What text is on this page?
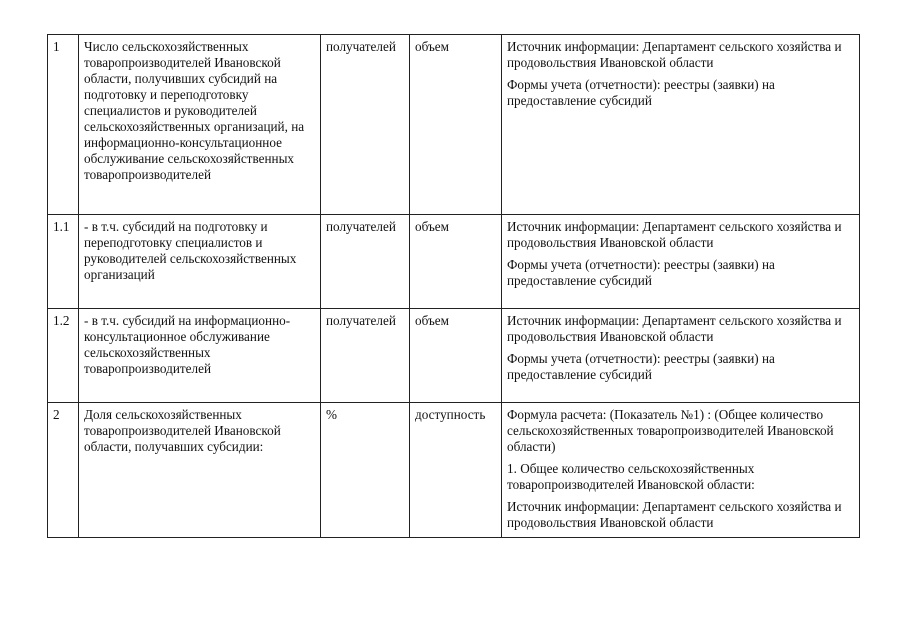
1	Число сельскохозяйственных товаропроизводителей Ивановской области, получивших субсидий на подготовку и переподготовку специалистов и руководителей сельскохозяйственных организаций, на информационно-консультационное обслуживание сельскохозяйственных товаропроизводителей	получателей	объем	Источник информации: Департамент сельского хозяйства и продовольствия Ивановской области

Формы учета (отчетности): реестры (заявки) на предоставление субсидий

1.1	- в т.ч. субсидий на подготовку и переподготовку специалистов и руководителей сельскохозяйственных организаций	получателей	объем	Источник информации: Департамент сельского хозяйства и продовольствия Ивановской области

Формы учета (отчетности): реестры (заявки) на предоставление субсидий

1.2	- в т.ч. субсидий на информационно-консультационное обслуживание сельскохозяйственных товаропроизводителей	получателей	объем	Источник информации: Департамент сельского хозяйства и продовольствия Ивановской области

Формы учета (отчетности): реестры (заявки) на предоставление субсидий

2	Доля сельскохозяйственных товаропроизводителей Ивановской области, получавших субсидии:	%	доступность	Формула расчета: (Показатель №1) : (Общее количество сельскохозяйственных товаропроизводителей Ивановской области)

1. Общее количество сельскохозяйственных товаропроизводителей Ивановской области:

Источник информации: Департамент сельского хозяйства и продовольствия Ивановской области
